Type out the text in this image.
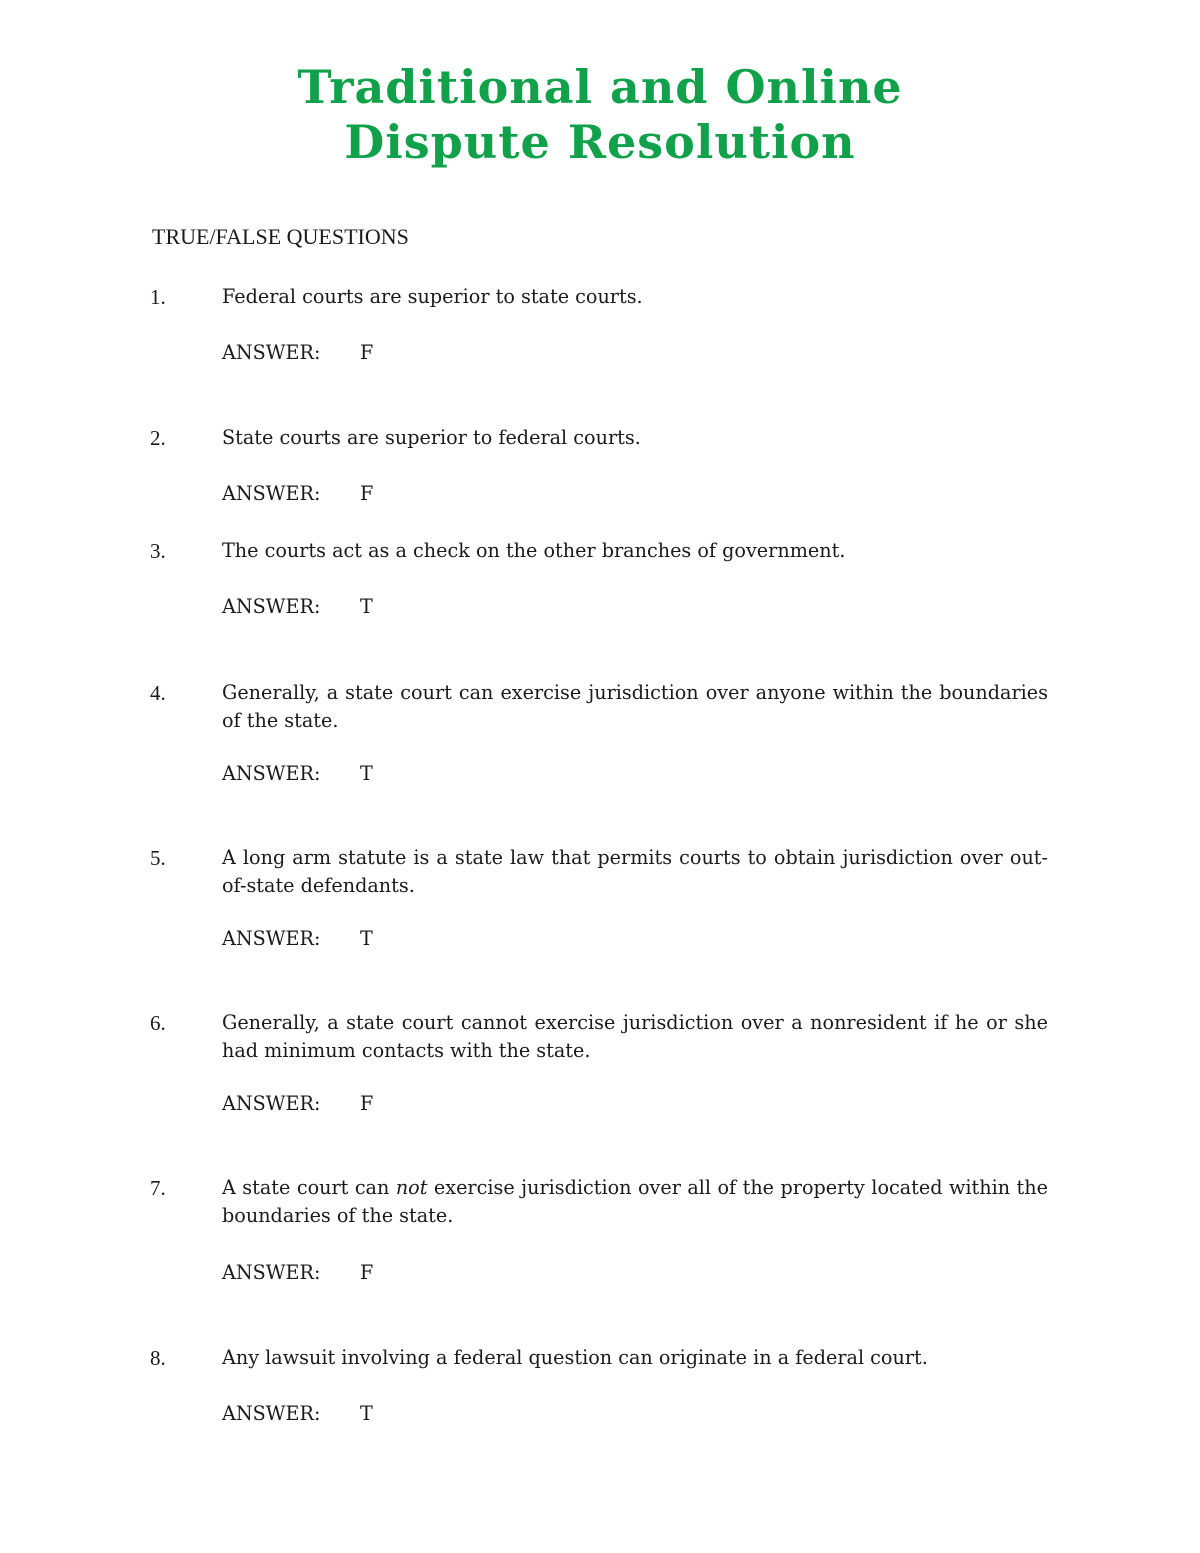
Traditional and Online
Dispute Resolution
TRUE/FALSE QUESTIONS
1.	Federal courts are superior to state courts.
ANSWER: F
2.	State courts are superior to federal courts.
ANSWER: F
3.	The courts act as a check on the other branches of government.
ANSWER: T
4.	Generally, a state court can exercise jurisdiction over anyone within the boundaries of the state.
ANSWER: T
5.	A long arm statute is a state law that permits courts to obtain jurisdiction over out-of-state defendants.
ANSWER: T
6.	Generally, a state court cannot exercise jurisdiction over a nonresident if he or she had minimum contacts with the state.
ANSWER: F
7.	A state court can not exercise jurisdiction over all of the property located within the boundaries of the state.
ANSWER: F
8.	Any lawsuit involving a federal question can originate in a federal court.
ANSWER: T
